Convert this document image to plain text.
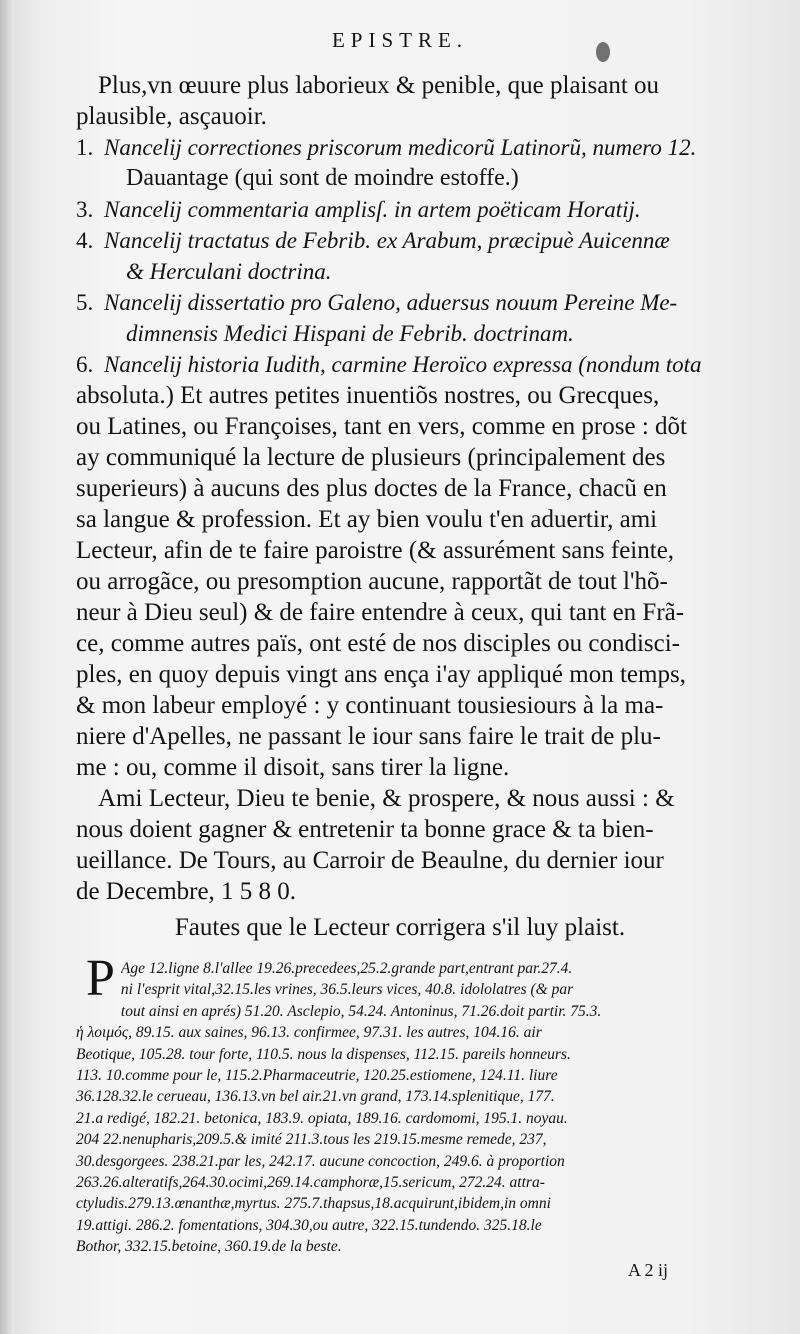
EPISTRE.
Plus,vn œuure plus laborieux & penible, que plaisant ou
plausible, asçauoir.
1. Nancelij correctiones priscorum medicorũ Latinorũ, numero 12.
Dauantage (qui sont de moindre estoffe.)
3. Nancelij commentaria amplisſ. in artem poëticam Horatij.
4. Nancelij tractatus de Febrib. ex Arabum, præcipuè Auicennæ
& Herculani doctrina.
5. Nancelij dissertatio pro Galeno, aduersus nouum Pereine Me-
dimnensis Medici Hispani de Febrib. doctrinam.
6. Nancelij historia Iudith, carmine Heroïco expressa (nondum tota
absoluta.) Et autres petites inuentiõs nostres, ou Grecques,
ou Latines, ou Françoises, tant en vers, comme en prose : dõt
ay communiqué la lecture de plusieurs (principalement des
superieurs) à aucuns des plus doctes de la France, chacũ en
sa langue & profession. Et ay bien voulu t'en aduertir, ami
Lecteur, afin de te faire paroistre (& assurément sans feinte,
ou arrogãce, ou presomption aucune, rapportãt de tout l'hõ-
neur à Dieu seul) & de faire entendre à ceux, qui tant en Frã-
ce, comme autres païs, ont esté de nos disciples ou condisci-
ples, en quoy depuis vingt ans ença i'ay appliqué mon temps,
& mon labeur employé : y continuant tousiesiours à la ma-
niere d'Apelles, ne passant le iour sans faire le trait de plu-
me : ou, comme il disoit, sans tirer la ligne.
Ami Lecteur, Dieu te benie, & prospere, & nous aussi : &
nous doient gagner & entretenir ta bonne grace & ta bien-
ueillance. De Tours, au Carroir de Beaulne, du dernier iour
de Decembre, 1 5 8 0.
Fautes que le Lecteur corrigera s'il luy plaist.
P Age 12.ligne 8.l'allee 19.26.precedees,25.2.grande part,entrant par.27.4.
ni l'esprit vital,32.15.les vrines, 36.5.leurs vices, 40.8. idololatres (& par
tout ainsi en aprés) 51.20. Asclepio, 54.24. Antoninus, 71.26.doit partir. 75.3.
ἡ λοιμός, 89.15. aux saines, 96.13. confirmee, 97.31. les autres, 104.16. air
Beotique, 105.28. tour forte, 110.5. nous la dispenses, 112.15. pareils honneurs.
113. 10.comme pour le, 115.2.Pharmaceutrie, 120.25.estiomene, 124.11. liure
36.128.32.le cerueau, 136.13.vn bel air.21.vn grand, 173.14.splenitique, 177.
21.a redigé, 182.21. betonica, 183.9. opiata, 189.16. cardomomi, 195.1. noyau.
204 22.nenupharis,209.5.& imité 211.3.tous les 219.15.mesme remede, 237,
30.desgorgees. 238.21.par les, 242.17. aucune concoction, 249.6. à proportion
263.26.alteratifs,264.30.ocimi,269.14.camphoræ,15.sericum, 272.24. attra-
ctyludis.279.13.œnanthæ,myrtus. 275.7.thapsus,18.acquirunt,ibidem,in omni
19.attigi. 286.2. fomentations, 304.30,ou autre, 322.15.tundendo. 325.18.le
Bothor, 332.15.betoine, 360.19.de la beste.
A 2 ij
